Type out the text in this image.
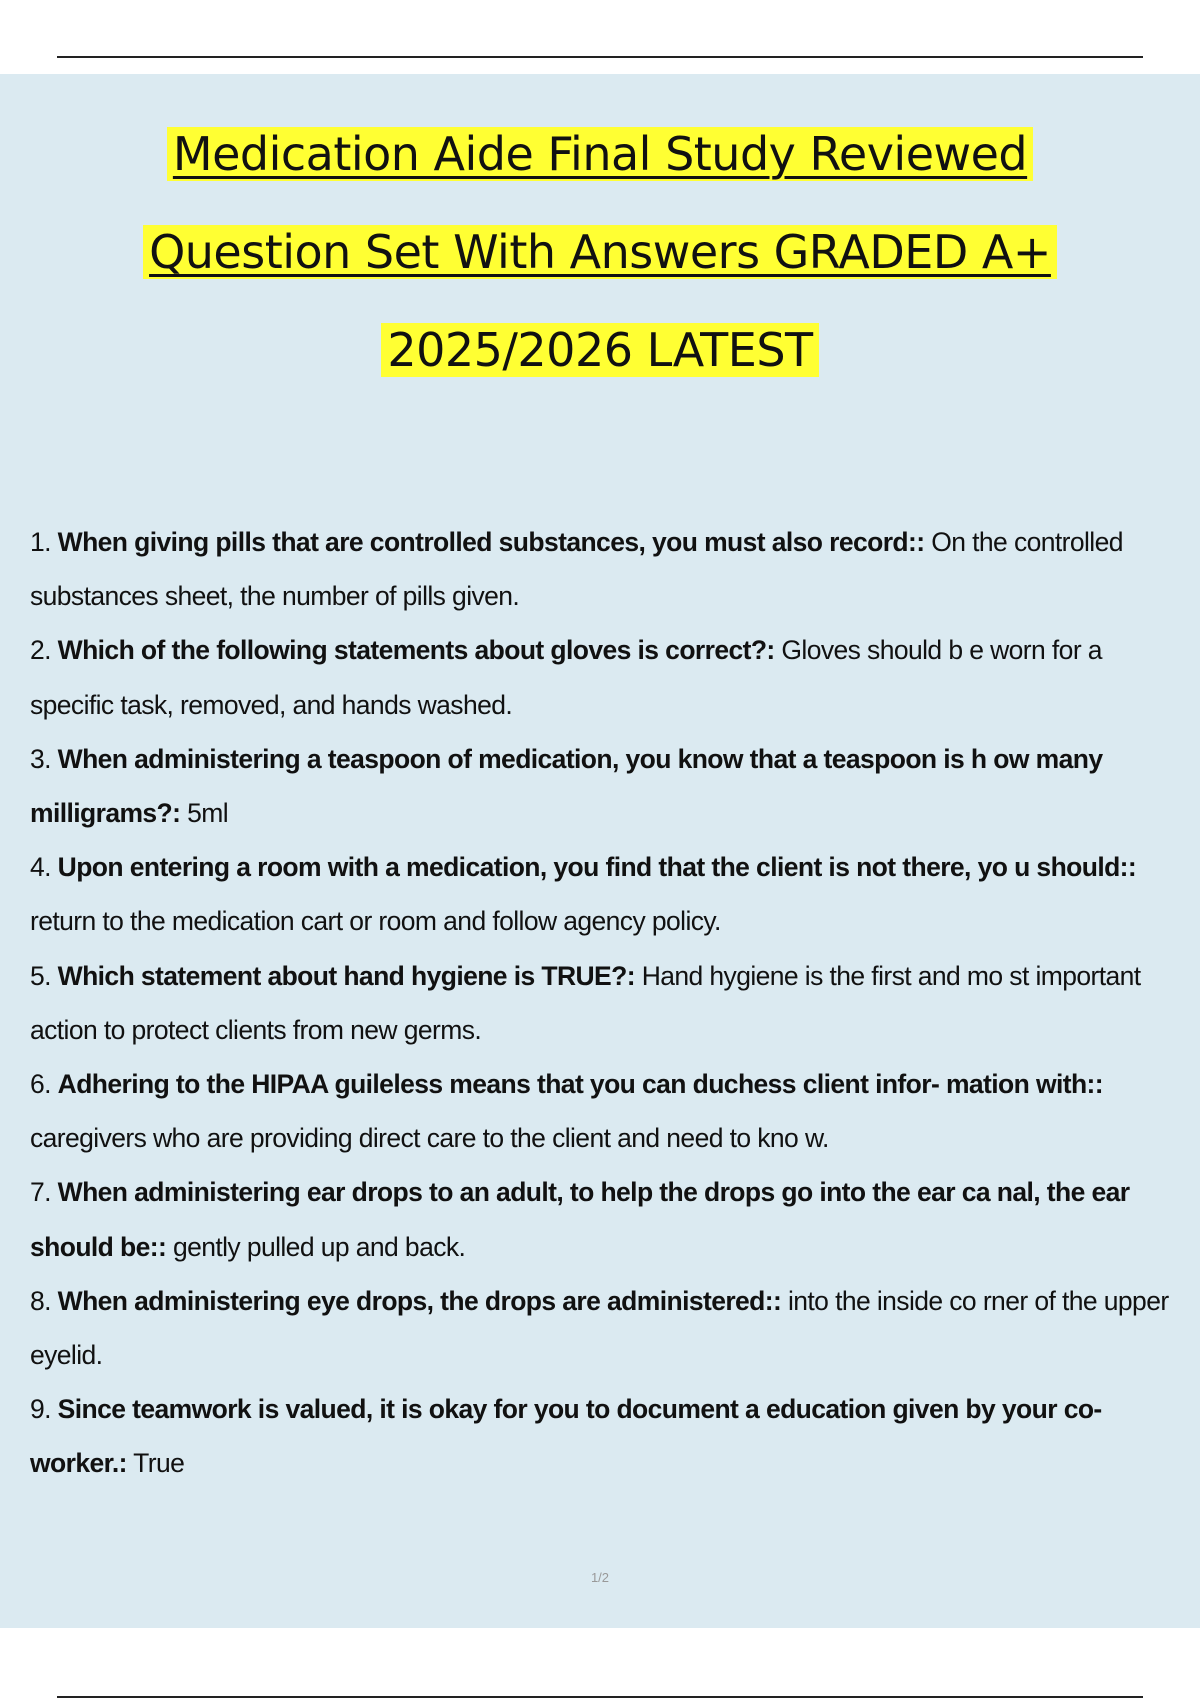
Medication Aide Final Study Reviewed
Question Set With Answers GRADED A+
2025/2026 LATEST

1. When giving pills that are controlled substances, you must also record:: On the controlled substances sheet, the number of pills given.

2. Which of the following statements about gloves is correct?: Gloves should b e worn for a specific task, removed, and hands washed.

3. When administering a teaspoon of medication, you know that a teaspoon is h ow many milligrams?: 5ml

4. Upon entering a room with a medication, you find that the client is not there, yo u should:: return to the medication cart or room and follow agency policy.

5. Which statement about hand hygiene is TRUE?: Hand hygiene is the first and mo st important action to protect clients from new germs.

6. Adhering to the HIPAA guileless means that you can duchess client infor- mation with:: caregivers who are providing direct care to the client and need to kno w.

7. When administering ear drops to an adult, to help the drops go into the ear ca nal, the ear should be:: gently pulled up and back.

8. When administering eye drops, the drops are administered:: into the inside co rner of the upper eyelid.

9. Since teamwork is valued, it is okay for you to document a education given by your co-worker.: True

1/2
